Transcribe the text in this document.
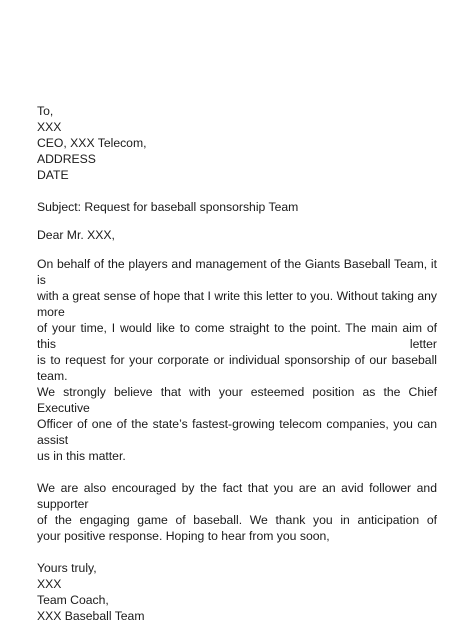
To,
XXX
CEO, XXX Telecom,
ADDRESS
DATE
Subject: Request for baseball sponsorship Team
Dear Mr. XXX,
On behalf of the players and management of the Giants Baseball Team, it is
with a great sense of hope that I write this letter to you. Without taking any more
of your time, I would like to come straight to the point. The main aim of this letter
is to request for your corporate or individual sponsorship of our baseball team.
We strongly believe that with your esteemed position as the Chief Executive
Officer of one of the state’s fastest-growing telecom companies, you can assist
us in this matter.
We are also encouraged by the fact that you are an avid follower and supporter
of the engaging game of baseball. We thank you in anticipation of
your positive response. Hoping to hear from you soon,
Yours truly,
XXX
Team Coach,
XXX Baseball Team
